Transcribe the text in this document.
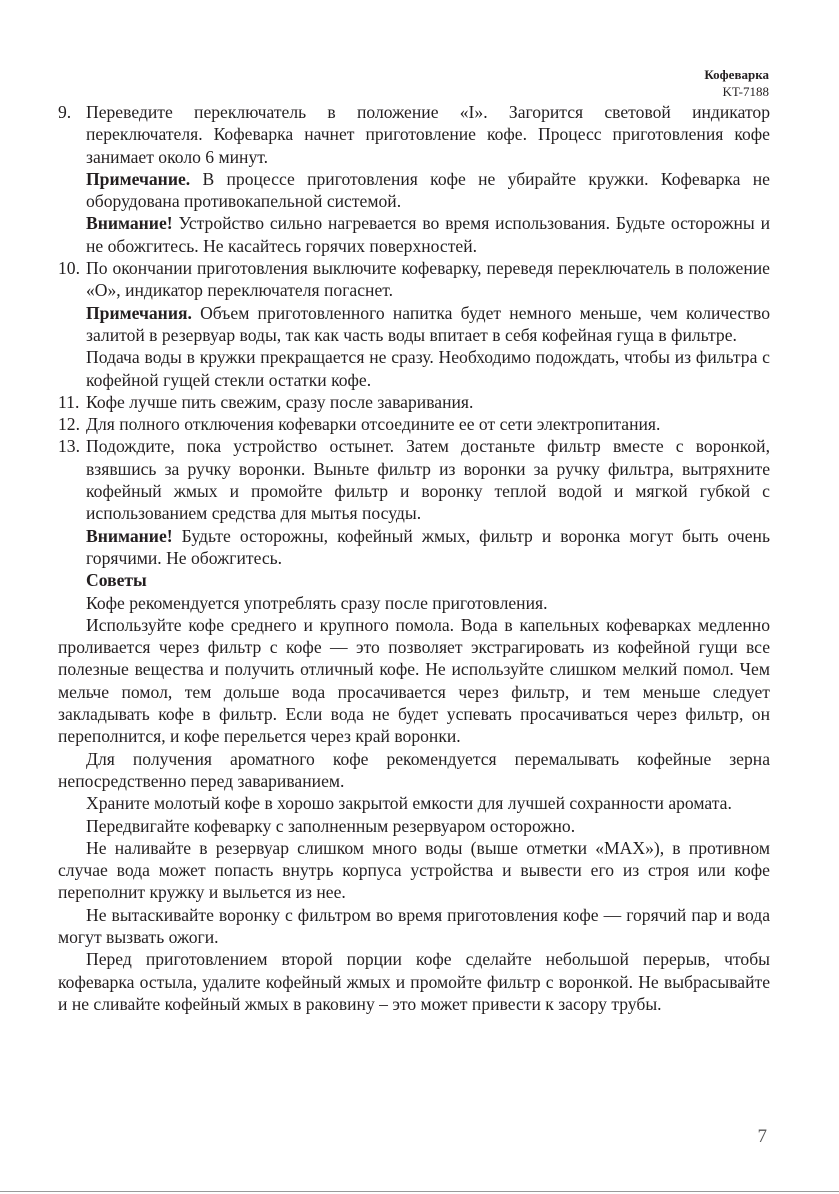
Кофеварка
KT-7188
9. Переведите переключатель в положение «I». Загорится световой индикатор переключателя. Кофеварка начнет приготовление кофе. Процесс приготовления кофе занимает около 6 минут.

Примечание. В процессе приготовления кофе не убирайте кружки. Кофеварка не оборудована противокапельной системой.

Внимание! Устройство сильно нагревается во время использования. Будьте осторожны и не обожгитесь. Не касайтесь горячих поверхностей.

10. По окончании приготовления выключите кофеварку, переведя переключатель в положение «O», индикатор переключателя погаснет.

Примечания. Объем приготовленного напитка будет немного меньше, чем количество залитой в резервуар воды, так как часть воды впитает в себя кофейная гуща в фильтре.

Подача воды в кружки прекращается не сразу. Необходимо подождать, чтобы из фильтра с кофейной гущей стекли остатки кофе.

11. Кофе лучше пить свежим, сразу после заваривания.

12. Для полного отключения кофеварки отсоедините ее от сети электропитания.

13. Подождите, пока устройство остынет. Затем достаньте фильтр вместе с воронкой, взявшись за ручку воронки. Выньте фильтр из воронки за ручку фильтра, вытряхните кофейный жмых и промойте фильтр и воронку теплой водой и мягкой губкой с использованием средства для мытья посуды.

Внимание! Будьте осторожны, кофейный жмых, фильтр и воронка могут быть очень горячими. Не обожгитесь.

Советы

Кофе рекомендуется употреблять сразу после приготовления.

Используйте кофе среднего и крупного помола. Вода в капельных кофеварках медленно проливается через фильтр с кофе — это позволяет экстрагировать из кофейной гущи все полезные вещества и получить отличный кофе. Не используйте слишком мелкий помол. Чем мельче помол, тем дольше вода просачивается через фильтр, и тем меньше следует закладывать кофе в фильтр. Если вода не будет успевать просачиваться через фильтр, он переполнится, и кофе перельется через край воронки.

Для получения ароматного кофе рекомендуется перемалывать кофейные зерна непосредственно перед завариванием.

Храните молотый кофе в хорошо закрытой емкости для лучшей сохранности аромата.

Передвигайте кофеварку с заполненным резервуаром осторожно.

Не наливайте в резервуар слишком много воды (выше отметки «MAX»), в противном случае вода может попасть внутрь корпуса устройства и вывести его из строя или кофе переполнит кружку и выльется из нее.

Не вытаскивайте воронку с фильтром во время приготовления кофе — горячий пар и вода могут вызвать ожоги.

Перед приготовлением второй порции кофе сделайте небольшой перерыв, чтобы кофеварка остыла, удалите кофейный жмых и промойте фильтр с воронкой. Не выбрасывайте и не сливайте кофейный жмых в раковину – это может привести к засору трубы.

7
